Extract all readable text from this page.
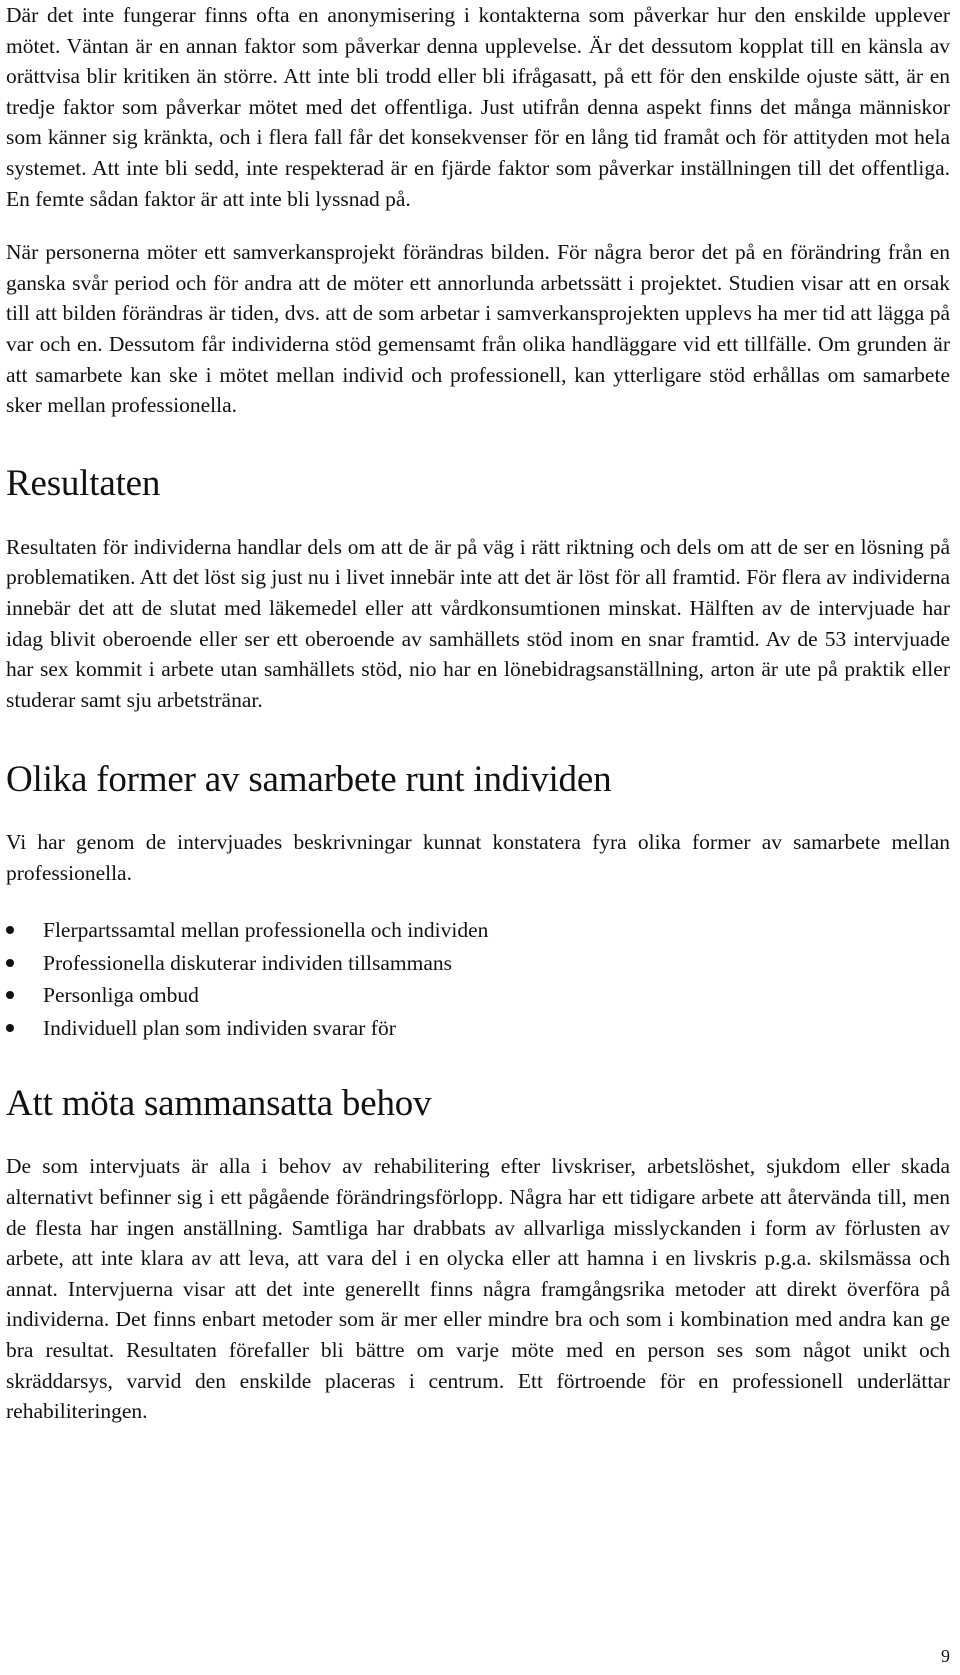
Där det inte fungerar finns ofta en anonymisering i kontakterna som påverkar hur den enskilde upplever mötet. Väntan är en annan faktor som påverkar denna upplevelse. Är det dessutom kopplat till en känsla av orättvisa blir kritiken än större. Att inte bli trodd eller bli ifrågasatt, på ett för den enskilde ojuste sätt, är en tredje faktor som påverkar mötet med det offentliga. Just utifrån denna aspekt finns det många människor som känner sig kränkta, och i flera fall får det konsekvenser för en lång tid framåt och för attityden mot hela systemet. Att inte bli sedd, inte respekterad är en fjärde faktor som påverkar inställningen till det offentliga. En femte sådan faktor är att inte bli lyssnad på.

När personerna möter ett samverkansprojekt förändras bilden. För några beror det på en förändring från en ganska svår period och för andra att de möter ett annorlunda arbetssätt i projektet. Studien visar att en orsak till att bilden förändras är tiden, dvs. att de som arbetar i samverkansprojekten upplevs ha mer tid att lägga på var och en. Dessutom får individerna stöd gemensamt från olika handläggare vid ett tillfälle. Om grunden är att samarbete kan ske i mötet mellan individ och professionell, kan ytterligare stöd erhållas om samarbete sker mellan professionella.

Resultaten

Resultaten för individerna handlar dels om att de är på väg i rätt riktning och dels om att de ser en lösning på problematiken. Att det löst sig just nu i livet innebär inte att det är löst för all framtid. För flera av individerna innebär det att de slutat med läkemedel eller att vårdkonsumtionen minskat. Hälften av de intervjuade har idag blivit oberoende eller ser ett oberoende av samhällets stöd inom en snar framtid. Av de 53 intervjuade har sex kommit i arbete utan samhällets stöd, nio har en lönebidragsanställning, arton är ute på praktik eller studerar samt sju arbetstränar.

Olika former av samarbete runt individen

Vi har genom de intervjuades beskrivningar kunnat konstatera fyra olika former av samarbete mellan professionella.

Flerpartssamtal mellan professionella och individen
Professionella diskuterar individen tillsammans
Personliga ombud
Individuell plan som individen svarar för
Att möta sammansatta behov

De som intervjuats är alla i behov av rehabilitering efter livskriser, arbetslöshet, sjukdom eller skada alternativt befinner sig i ett pågående förändringsförlopp. Några har ett tidigare arbete att återvända till, men de flesta har ingen anställning. Samtliga har drabbats av allvarliga misslyckanden i form av förlusten av arbete, att inte klara av att leva, att vara del i en olycka eller att hamna i en livskris p.g.a. skilsmässa och annat. Intervjuerna visar att det inte generellt finns några framgångsrika metoder att direkt överföra på individerna. Det finns enbart metoder som är mer eller mindre bra och som i kombination med andra kan ge bra resultat. Resultaten förefaller bli bättre om varje möte med en person ses som något unikt och skräddarsys, varvid den enskilde placeras i centrum. Ett förtroende för en professionell underlättar rehabiliteringen.

9
